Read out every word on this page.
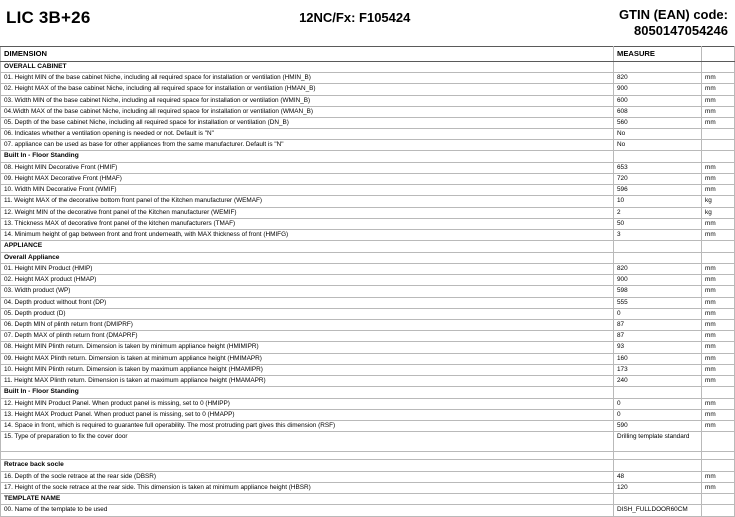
LIC 3B+26	12NC/Fx: F105424	GTIN (EAN) code:
8050147054246
DIMENSION	MEASURE	
OVERALL CABINET		
01. Height MIN of the base cabinet Niche, including all required space for installation or ventilation (HMIN_B)	820	mm
02. Height MAX of the base cabinet Niche, including all required space for installation or ventilation (HMAN_B)	900	mm
03. Width MIN of the base cabinet Niche, including all required space for installation or ventilation (WMIN_B)	600	mm
04.Width MAX of the base cabinet Niche, including all required space for installation or ventilation (WMAN_B)	608	mm
05. Depth of the base cabinet Niche, including all required space for installation or ventilation (DN_B)	560	mm
06. Indicates whether a ventilation opening is needed or not. Default is "N"	No	
07. appliance can be used as base for other appliances from the same manufacturer. Default is "N"	No	
Built In - Floor Standing		
08. Height MIN Decorative Front (HMIF)	653	mm
09. Height MAX Decorative Front (HMAF)	720	mm
10. Width MIN Decorative Front (WMIF)	596	mm
11. Weight MAX of the decorative bottom front panel of the Kitchen manufacturer (WEMAF)	10	kg
12. Weight MIN of the decorative front panel of the Kitchen manufacturer (WEMIF)	2	kg
13. Thickness MAX of decorative front panel of the kitchen manufacturers (TMAF)	50	mm
14. Minimum height of gap between front and front underneath, with MAX thickness of front (HMIFG)	3	mm
APPLIANCE		
Overall Appliance		
01. Height MIN Product (HMIP)	820	mm
02. Height MAX product (HMAP)	900	mm
03. Width product (WP)	598	mm
04. Depth product without front (DP)	555	mm
05. Depth product (D)	0	mm
06. Depth MIN of plinth return front (DMIPRF)	87	mm
07. Depth MAX of plinth return front (DMAPRF)	87	mm
08. Height MIN Plinth return. Dimension is taken by minimum appliance height (HMIMIPR)	93	mm
09. Height MAX Plinth return. Dimension is taken at minimum appliance height (HMIMAPR)	160	mm
10. Height MIN Plinth return. Dimension is taken by maximum appliance height (HMAMIPR)	173	mm
11. Height MAX Plinth return. Dimension is taken at maximum appliance height (HMAMAPR)	240	mm
Built In - Floor Standing		
12. Height MIN Product Panel. When product panel is missing, set to 0 (HMIPP)	0	mm
13. Height MAX Product Panel. When product panel is missing, set to 0 (HMAPP)	0	mm
14. Space in front, which is required to guarantee full operability. The most protruding part gives this dimension (RSF)	590	mm
15. Type of preparation to fix the cover door	Drilling template standard	

Retrace back socle		
16. Depth of the socle retrace at the rear side (DBSR)	48	mm
17. Height of the socle retrace at the rear side. This dimension is taken at minimum appliance height (HBSR)	120	mm
TEMPLATE NAME		
00. Name of the template to be used	DISH_FULLDOOR60CM	
